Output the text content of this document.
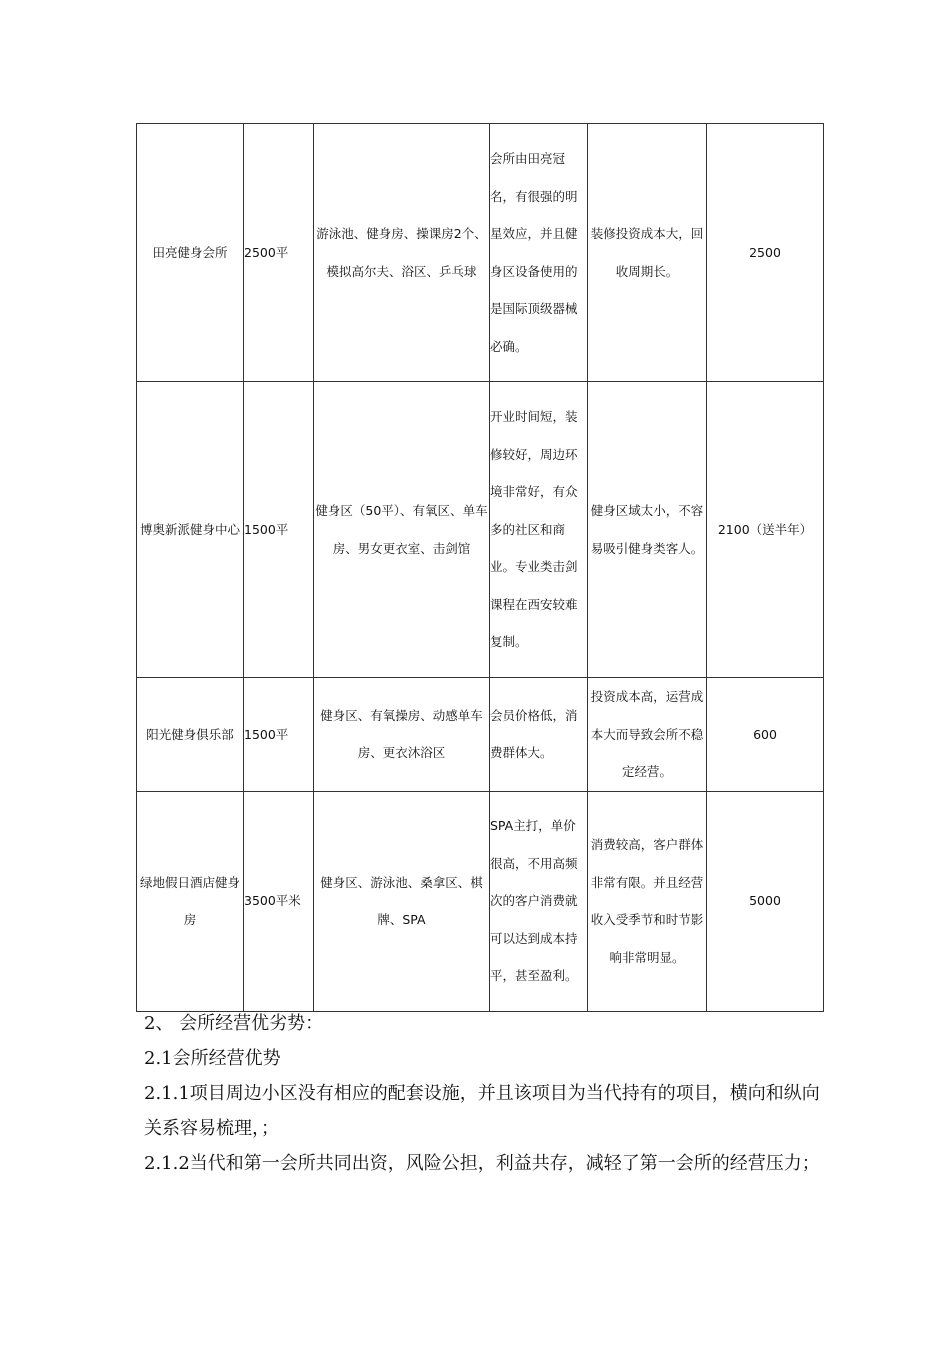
田亮健身会所	2500平	游泳池、健身房、操课房2个、模拟高尔夫、浴区、乒乓球	会所由田亮冠名，有很强的明星效应，并且健身区设备使用的是国际顶级器械必确。	装修投资成本大，回收周期长。	2500
博奥新派健身中心	1500平	健身区（50平）、有氧区、单车房、男女更衣室、击剑馆	开业时间短，装修较好，周边环境非常好，有众多的社区和商业。专业类击剑课程在西安较难复制。	健身区域太小，不容易吸引健身类客人。	2100（送半年）
阳光健身俱乐部	1500平	健身区、有氧操房、动感单车房、更衣沐浴区	会员价格低，消费群体大。	投资成本高，运营成本大而导致会所不稳定经营。	600
绿地假日酒店健身房	3500平米	健身区、游泳池、桑拿区、棋牌、SPA	SPA主打，单价很高，不用高频次的客户消费就可以达到成本持平，甚至盈利。	消费较高，客户群体非常有限。并且经营收入受季节和时节影响非常明显。	5000

2、 会所经营优劣势：

2.1会所经营优势

2.1.1项目周边小区没有相应的配套设施，并且该项目为当代持有的项目，横向和纵向关系容易梳理，；

2.1.2当代和第一会所共同出资，风险公担，利益共存，减轻了第一会所的经营压力；
